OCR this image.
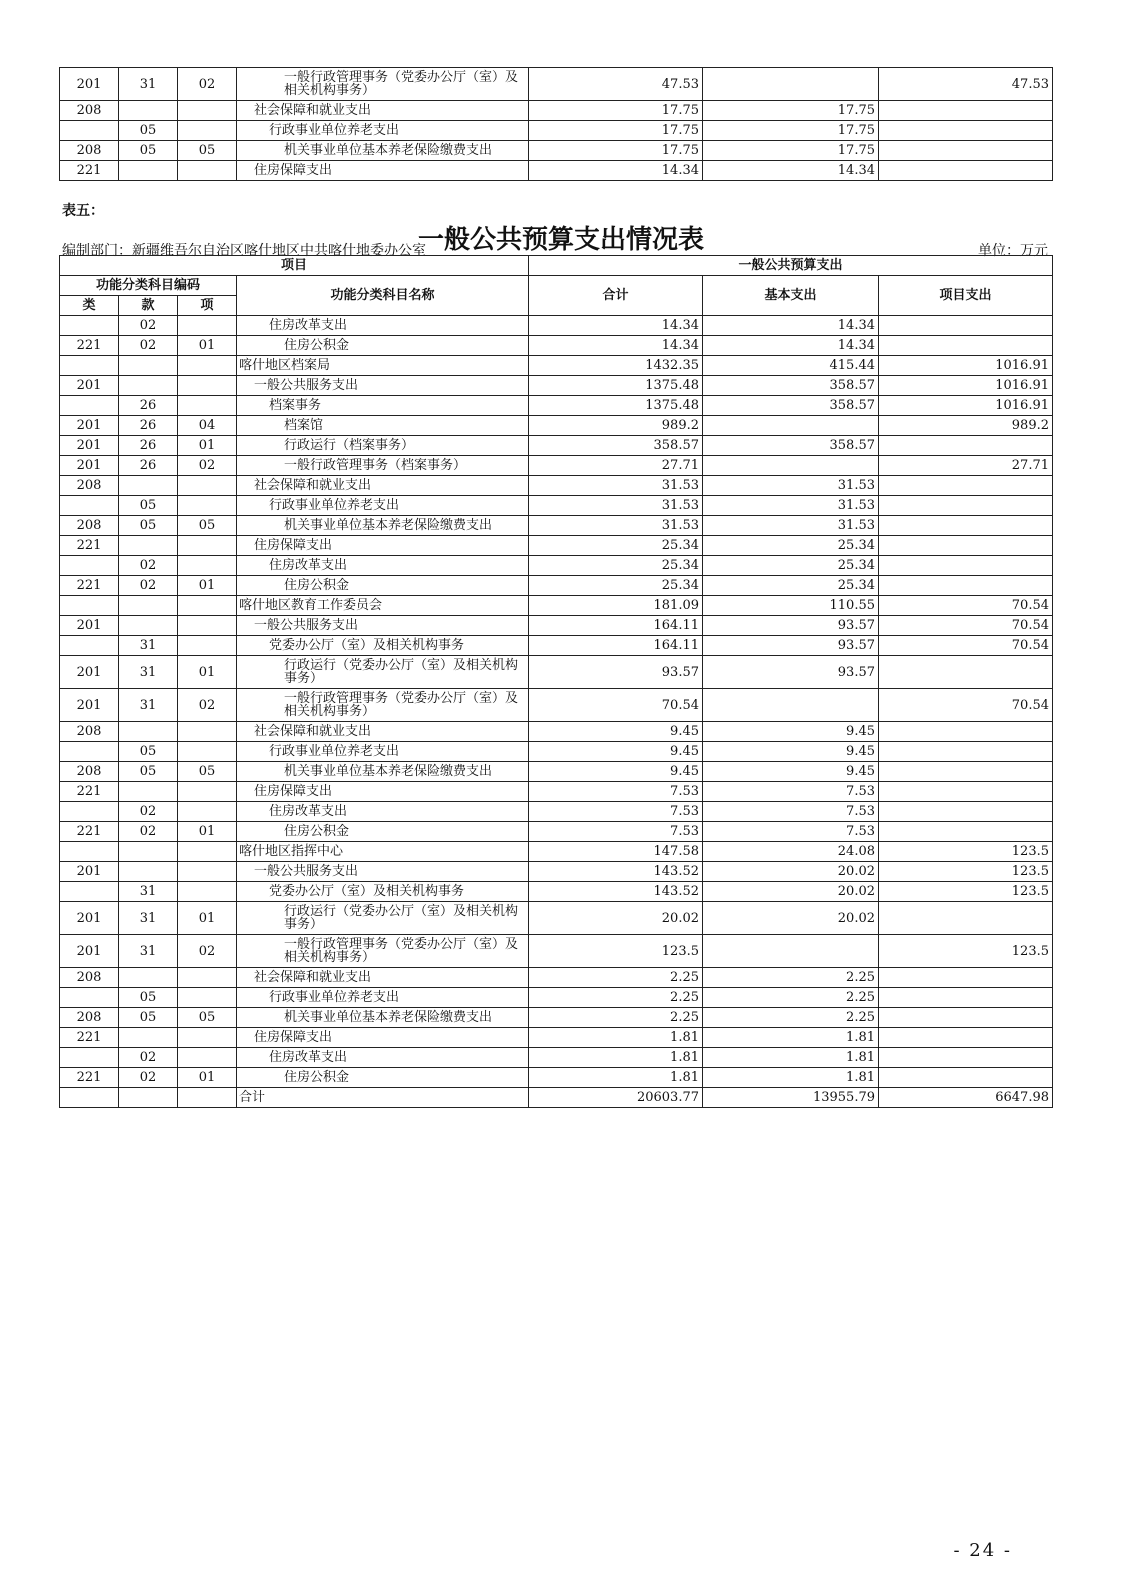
201	31	02	一般行政管理事务（党委办公厅（室）及相关机构事务）	47.53		47.53
208			社会保障和就业支出	17.75	17.75	
	05		行政事业单位养老支出	17.75	17.75	
208	05	05	机关事业单位基本养老保险缴费支出	17.75	17.75	
221			住房保障支出	14.34	14.34	
表五：
一般公共预算支出情况表
编制部门：新疆维吾尔自治区喀什地区中共喀什地委办公室	单位：万元
项目				一般公共预算支出		
功能分类科目编码			功能分类科目名称	合计	基本支出	项目支出
类	款	项				
	02		住房改革支出	14.34	14.34	
221	02	01	住房公积金	14.34	14.34	
			喀什地区档案局	1432.35	415.44	1016.91
201			一般公共服务支出	1375.48	358.57	1016.91
	26		档案事务	1375.48	358.57	1016.91
201	26	04	档案馆	989.2		989.2
201	26	01	行政运行（档案事务）	358.57	358.57	
201	26	02	一般行政管理事务（档案事务）	27.71		27.71
208			社会保障和就业支出	31.53	31.53	
	05		行政事业单位养老支出	31.53	31.53	
208	05	05	机关事业单位基本养老保险缴费支出	31.53	31.53	
221			住房保障支出	25.34	25.34	
	02		住房改革支出	25.34	25.34	
221	02	01	住房公积金	25.34	25.34	
			喀什地区教育工作委员会	181.09	110.55	70.54
201			一般公共服务支出	164.11	93.57	70.54
	31		党委办公厅（室）及相关机构事务	164.11	93.57	70.54
201	31	01	行政运行（党委办公厅（室）及相关机构事务）	93.57	93.57	
201	31	02	一般行政管理事务（党委办公厅（室）及相关机构事务）	70.54		70.54
208			社会保障和就业支出	9.45	9.45	
	05		行政事业单位养老支出	9.45	9.45	
208	05	05	机关事业单位基本养老保险缴费支出	9.45	9.45	
221			住房保障支出	7.53	7.53	
	02		住房改革支出	7.53	7.53	
221	02	01	住房公积金	7.53	7.53	
			喀什地区指挥中心	147.58	24.08	123.5
201			一般公共服务支出	143.52	20.02	123.5
	31		党委办公厅（室）及相关机构事务	143.52	20.02	123.5
201	31	01	行政运行（党委办公厅（室）及相关机构事务）	20.02	20.02	
201	31	02	一般行政管理事务（党委办公厅（室）及相关机构事务）	123.5		123.5
208			社会保障和就业支出	2.25	2.25	
	05		行政事业单位养老支出	2.25	2.25	
208	05	05	机关事业单位基本养老保险缴费支出	2.25	2.25	
221			住房保障支出	1.81	1.81	
	02		住房改革支出	1.81	1.81	
221	02	01	住房公积金	1.81	1.81	
			合计	20603.77	13955.79	6647.98
- 24 -
